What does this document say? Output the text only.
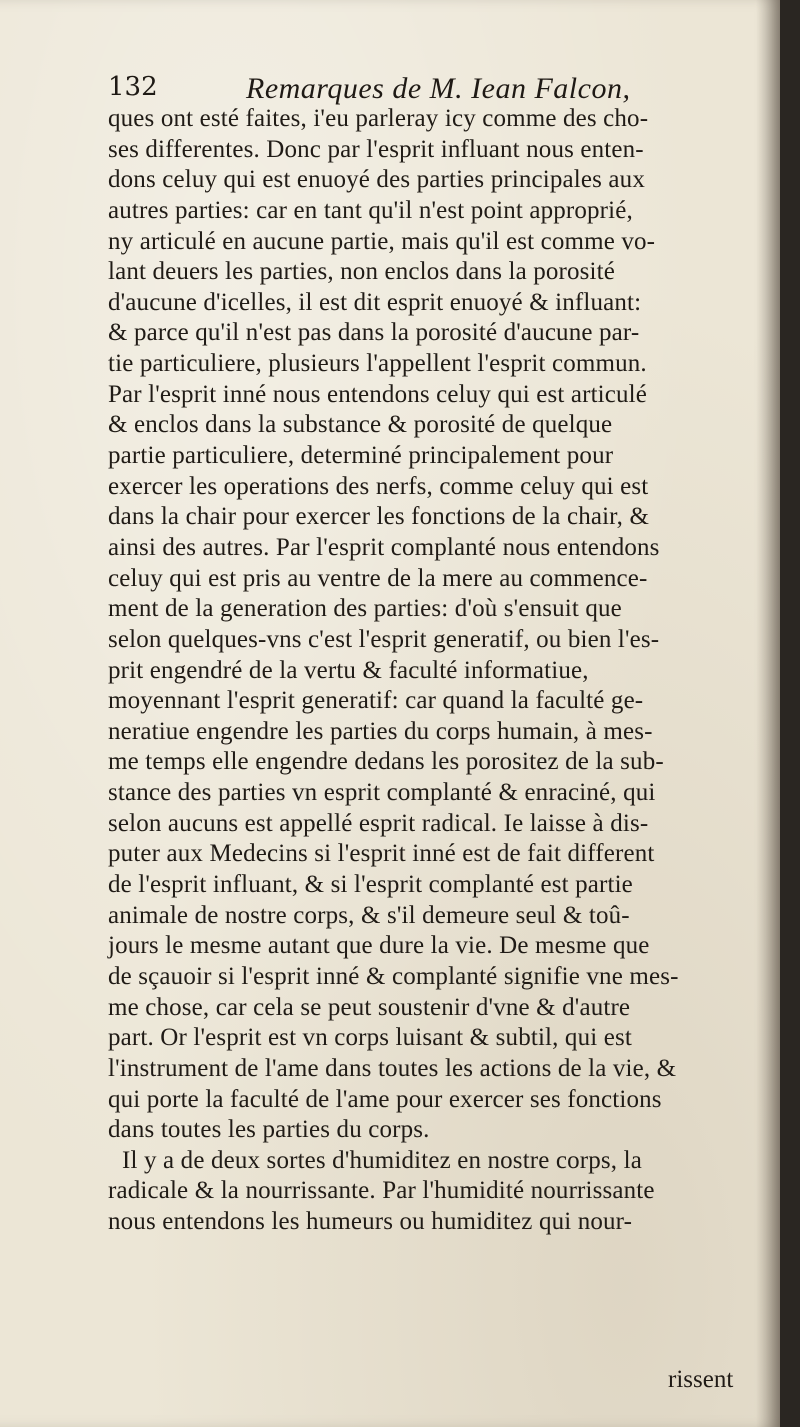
132	Remarques de M. Iean Falcon,
ques ont esté faites, i'eu parleray icy comme des cho-
ses differentes. Donc par l'esprit influant nous enten-
dons celuy qui est enuoyé des parties principales aux
autres parties: car en tant qu'il n'est point approprié,
ny articulé en aucune partie, mais qu'il est comme vo-
lant deuers les parties, non enclos dans la porosité
d'aucune d'icelles, il est dit esprit enuoyé & influant:
& parce qu'il n'est pas dans la porosité d'aucune par-
tie particuliere, plusieurs l'appellent l'esprit commun.
Par l'esprit inné nous entendons celuy qui est articulé
& enclos dans la substance & porosité de quelque
partie particuliere, determiné principalement pour
exercer les operations des nerfs, comme celuy qui est
dans la chair pour exercer les fonctions de la chair, &
ainsi des autres. Par l'esprit complanté nous entendons
celuy qui est pris au ventre de la mere au commence-
ment de la generation des parties: d'où s'ensuit que
selon quelques-vns c'est l'esprit generatif, ou bien l'es-
prit engendré de la vertu & faculté informatiue,
moyennant l'esprit generatif: car quand la faculté ge-
neratiue engendre les parties du corps humain, à mes-
me temps elle engendre dedans les porositez de la sub-
stance des parties vn esprit complanté & enraciné, qui
selon aucuns est appellé esprit radical. Ie laisse à dis-
puter aux Medecins si l'esprit inné est de fait different
de l'esprit influant, & si l'esprit complanté est partie
animale de nostre corps, & s'il demeure seul & toû-
jours le mesme autant que dure la vie. De mesme que
de sçauoir si l'esprit inné & complanté signifie vne mes-
me chose, car cela se peut soustenir d'vne & d'autre
part. Or l'esprit est vn corps luisant & subtil, qui est
l'instrument de l'ame dans toutes les actions de la vie, &
qui porte la faculté de l'ame pour exercer ses fonctions
dans toutes les parties du corps.
Il y a de deux sortes d'humiditez en nostre corps, la
radicale & la nourrissante. Par l'humidité nourrissante
nous entendons les humeurs ou humiditez qui nour-
rissent
